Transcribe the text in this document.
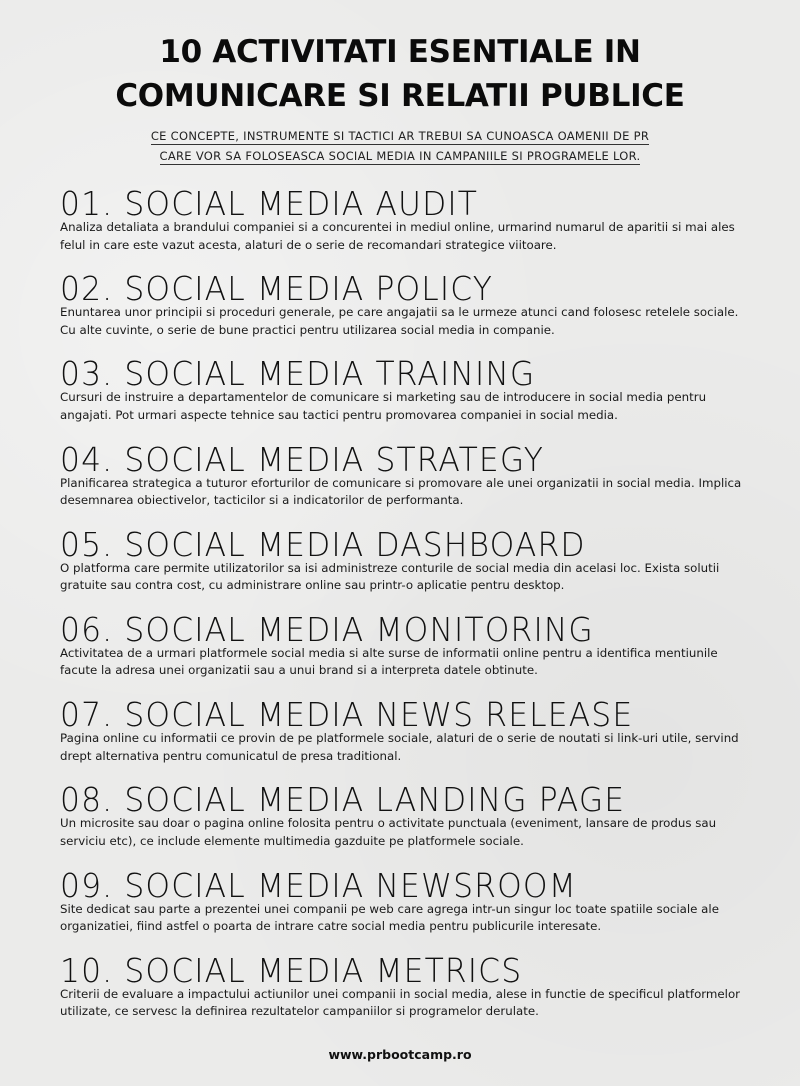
10 ACTIVITATI ESENTIALE IN
COMUNICARE SI RELATII PUBLICE
CE CONCEPTE, INSTRUMENTE SI TACTICI AR TREBUI SA CUNOASCA OAMENII DE PR
CARE VOR SA FOLOSEASCA SOCIAL MEDIA IN CAMPANIILE SI PROGRAMELE LOR.
01. SOCIAL MEDIA AUDIT
Analiza detaliata a brandului companiei si a concurentei in mediul online, urmarind numarul de aparitii si mai ales felul in care este vazut acesta, alaturi de o serie de recomandari strategice viitoare.
02. SOCIAL MEDIA POLICY
Enuntarea unor principii si proceduri generale, pe care angajatii sa le urmeze atunci cand folosesc retelele sociale. Cu alte cuvinte, o serie de bune practici pentru utilizarea social media in companie.
03. SOCIAL MEDIA TRAINING
Cursuri de instruire a departamentelor de comunicare si marketing sau de introducere in social media pentru angajati. Pot urmari aspecte tehnice sau tactici pentru promovarea companiei in social media.
04. SOCIAL MEDIA STRATEGY
Planificarea strategica a tuturor eforturilor de comunicare si promovare ale unei organizatii in social media. Implica desemnarea obiectivelor, tacticilor si a indicatorilor de performanta.
05. SOCIAL MEDIA DASHBOARD
O platforma care permite utilizatorilor sa isi administreze conturile de social media din acelasi loc. Exista solutii gratuite sau contra cost, cu administrare online sau printr-o aplicatie pentru desktop.
06. SOCIAL MEDIA MONITORING
Activitatea de a urmari platformele social media si alte surse de informatii online pentru a identifica mentiunile facute la adresa unei organizatii sau a unui brand si a interpreta datele obtinute.
07. SOCIAL MEDIA NEWS RELEASE
Pagina online cu informatii ce provin de pe platformele sociale, alaturi de o serie de noutati si link-uri utile, servind drept alternativa pentru comunicatul de presa traditional.
08. SOCIAL MEDIA LANDING PAGE
Un microsite sau doar o pagina online folosita pentru o activitate punctuala (eveniment, lansare de produs sau serviciu etc), ce include elemente multimedia gazduite pe platformele sociale.
09. SOCIAL MEDIA NEWSROOM
Site dedicat sau parte a prezentei unei companii pe web care agrega intr-un singur loc toate spatiile sociale ale organizatiei, fiind astfel o poarta de intrare catre social media pentru publicurile interesate.
10. SOCIAL MEDIA METRICS
Criterii de evaluare a impactului actiunilor unei companii in social media, alese in functie de specificul platformelor utilizate, ce servesc la definirea rezultatelor campaniilor si programelor derulate.
www.prbootcamp.ro
